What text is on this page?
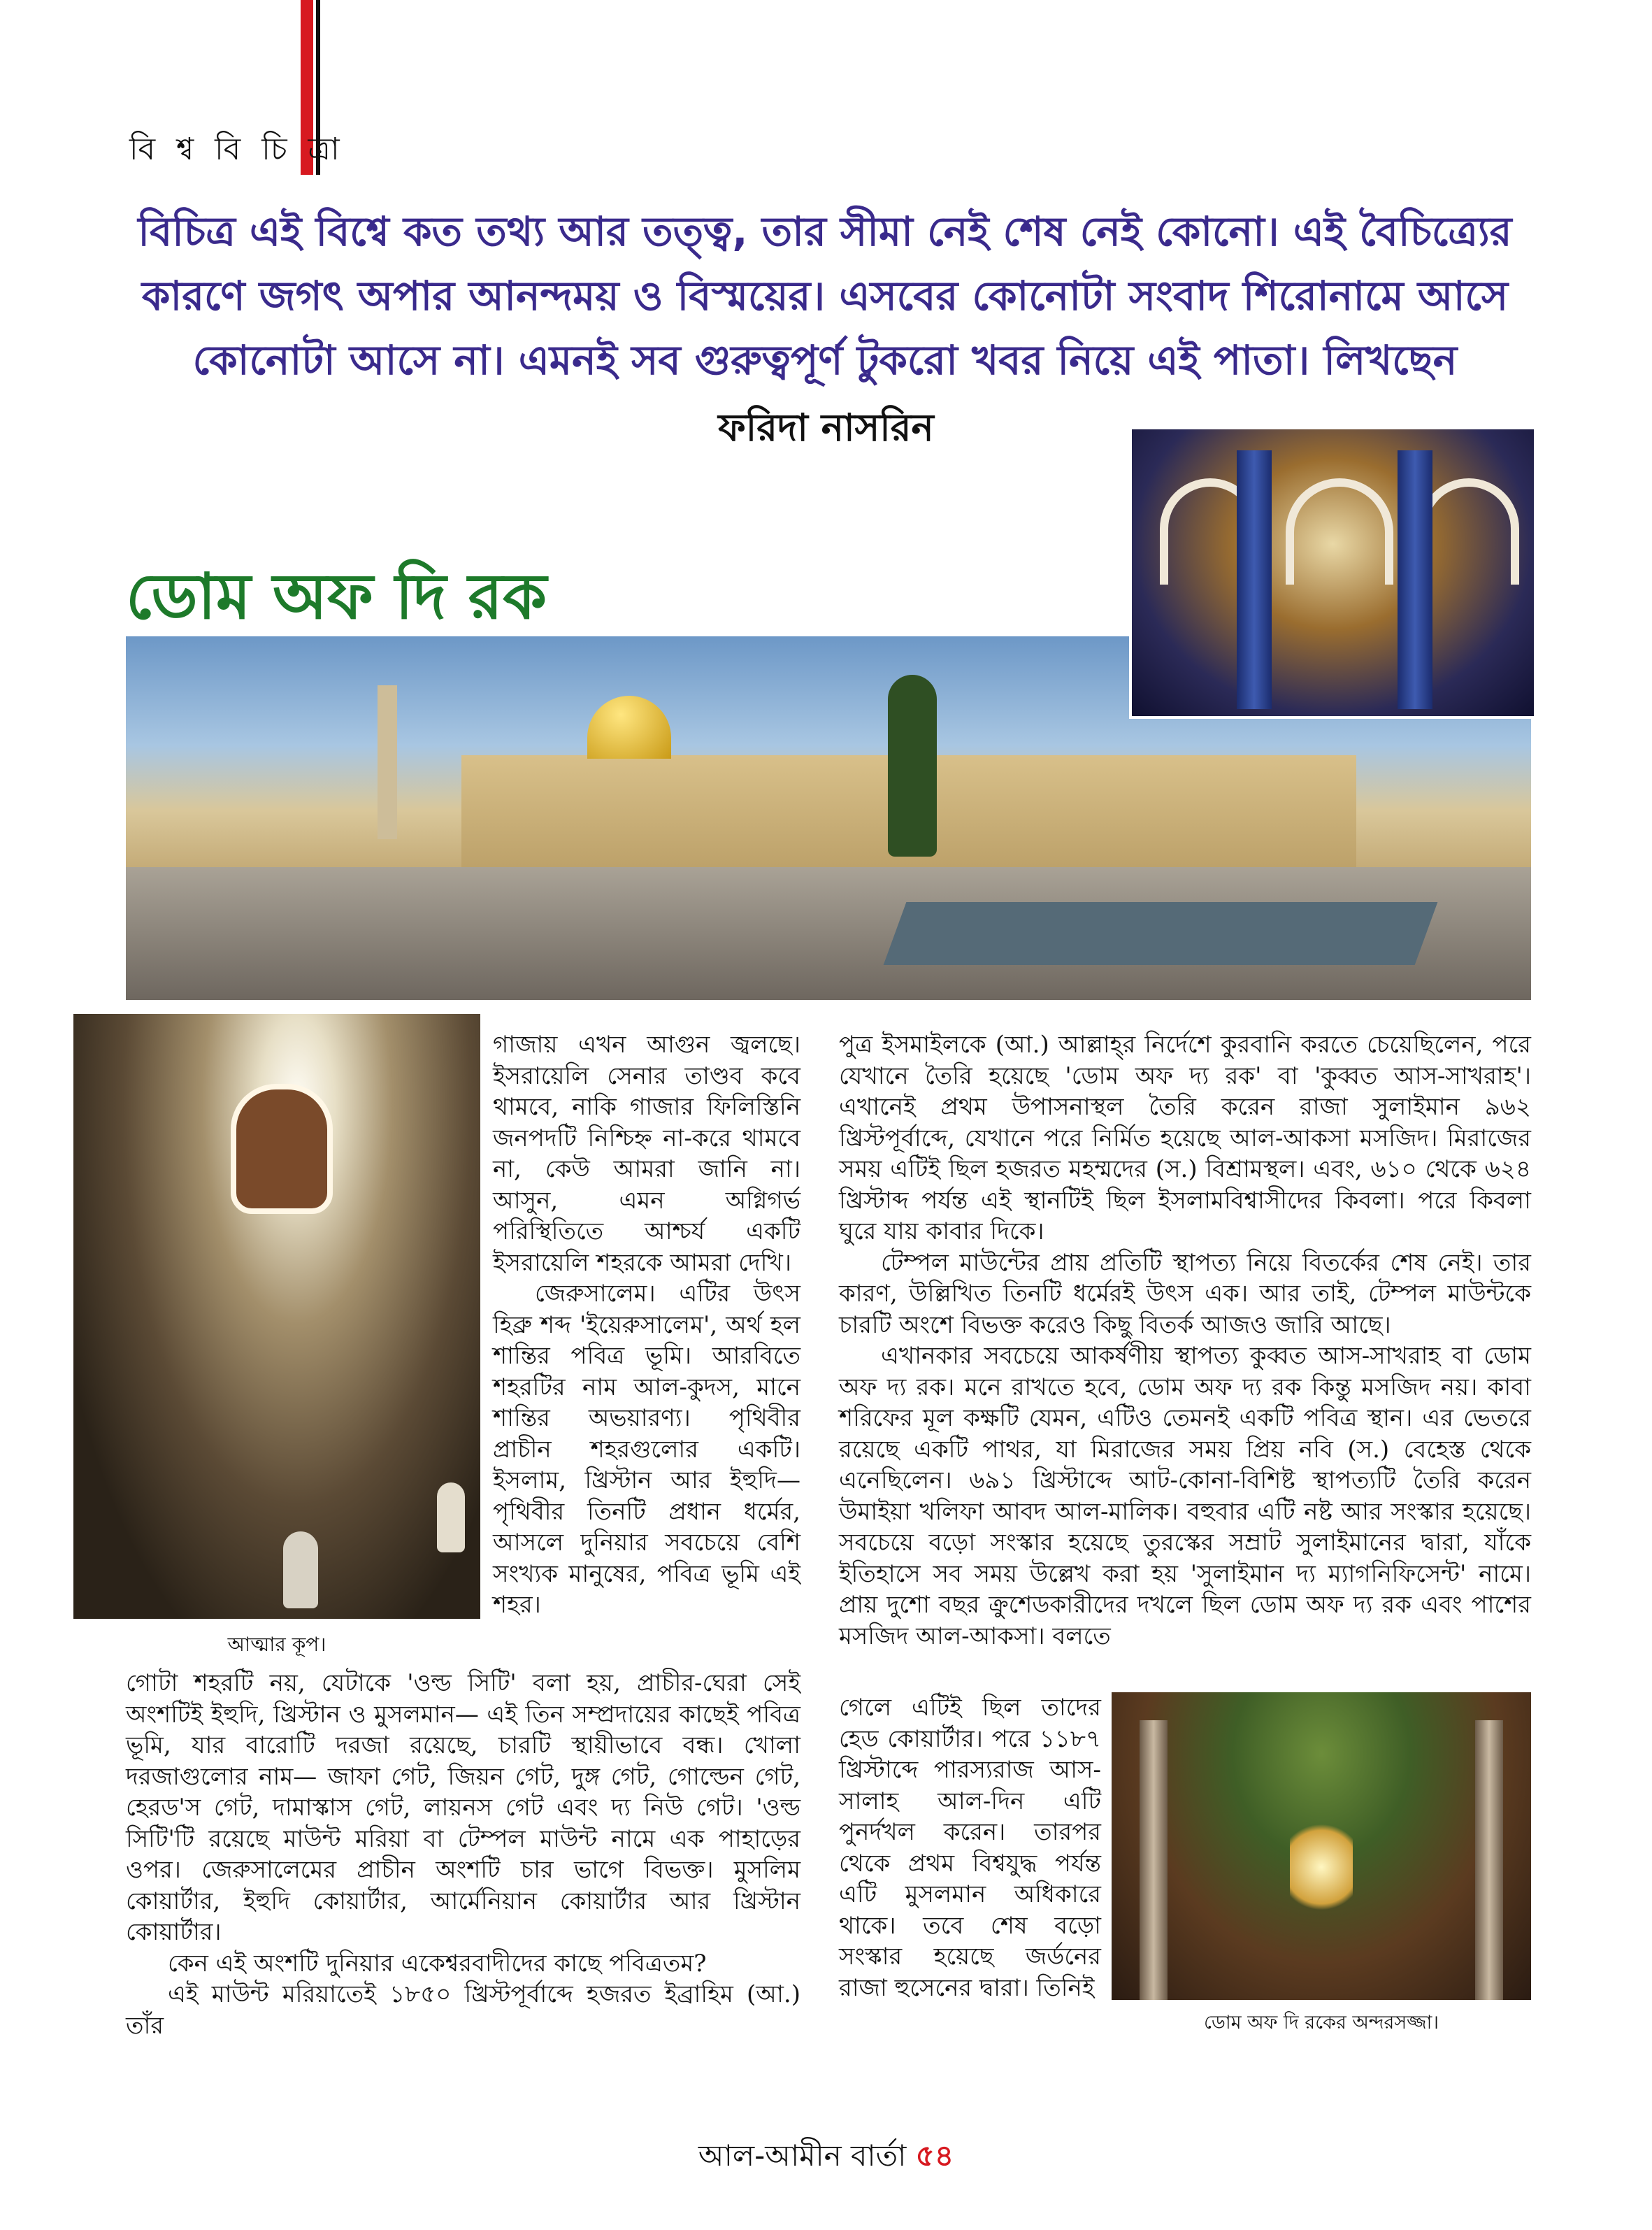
বি শ্ব বি চি ত্রা
বিচিত্র এই বিশ্বে কত তথ্য আর তত্ত্ব, তার সীমা নেই শেষ নেই কোনো। এই বৈচিত্র্যের
কারণে জগৎ অপার আনন্দময় ও বিস্ময়ের। এসবের কোনোটা সংবাদ শিরোনামে আসে
কোনোটা আসে না। এমনই সব গুরুত্বপূর্ণ টুকরো খবর নিয়ে এই পাতা। লিখছেন
ফরিদা নাসরিন
ডোম অফ দি রক
আত্মার কূপ।
ডোম অফ দি রকের অন্দরসজ্জা।

গাজায় এখন আগুন জ্বলছে। ইসরায়েলি সেনার তাণ্ডব কবে থামবে, নাকি গাজার ফিলিস্তিনি জনপদটি নিশ্চিহ্ন না-করে থামবে না, কেউ আমরা জানি না। আসুন, এমন অগ্নিগর্ভ পরিস্থিতিতে আশ্চর্য একটি ইসরায়েলি শহরকে আমরা দেখি।

জেরুসালেম। এটির উৎস হিব্রু শব্দ 'ইয়েরুসালেম', অর্থ হল শান্তির পবিত্র ভূমি। আরবিতে শহরটির নাম আল-কুদস, মানে শান্তির অভয়ারণ্য। পৃথিবীর প্রাচীন শহরগুলোর একটি। ইসলাম, খ্রিস্টান আর ইহুদি— পৃথিবীর তিনটি প্রধান ধর্মের, আসলে দুনিয়ার সবচেয়ে বেশি সংখ্যক মানুষের, পবিত্র ভূমি এই শহর।

পুত্র ইসমাইলকে (আ.) আল্লাহ্‌র নির্দেশে কুরবানি করতে চেয়েছিলেন, পরে যেখানে তৈরি হয়েছে 'ডোম অফ দ্য রক' বা 'কুব্বত আস-সাখরাহ'। এখানেই প্রথম উপাসনাস্থল তৈরি করেন রাজা সুলাইমান ৯৬২ খ্রিস্টপূর্বাব্দে, যেখানে পরে নির্মিত হয়েছে আল-আকসা মসজিদ। মিরাজের সময় এটিই ছিল হজরত মহম্মদের (স.) বিশ্রামস্থল। এবং, ৬১০ থেকে ৬২৪ খ্রিস্টাব্দ পর্যন্ত এই স্থানটিই ছিল ইসলামবিশ্বাসীদের কিবলা। পরে কিবলা ঘুরে যায় কাবার দিকে।

টেম্পল মাউন্টের প্রায় প্রতিটি স্থাপত্য নিয়ে বিতর্কের শেষ নেই। তার কারণ, উল্লিখিত তিনটি ধর্মেরই উৎস এক। আর তাই, টেম্পল মাউন্টকে চারটি অংশে বিভক্ত করেও কিছু বিতর্ক আজও জারি আছে।

এখানকার সবচেয়ে আকর্ষণীয় স্থাপত্য কুব্বত আস-সাখরাহ বা ডোম অফ দ্য রক। মনে রাখতে হবে, ডোম অফ দ্য রক কিন্তু মসজিদ নয়। কাবা শরিফের মূল কক্ষটি যেমন, এটিও তেমনই একটি পবিত্র স্থান। এর ভেতরে রয়েছে একটি পাথর, যা মিরাজের সময় প্রিয় নবি (স.) বেহেস্ত থেকে এনেছিলেন। ৬৯১ খ্রিস্টাব্দে আট-কোনা-বিশিষ্ট স্থাপত্যটি তৈরি করেন উমাইয়া খলিফা আবদ আল-মালিক। বহুবার এটি নষ্ট আর সংস্কার হয়েছে। সবচেয়ে বড়ো সংস্কার হয়েছে তুরস্কের সম্রাট সুলাইমানের দ্বারা, যাঁকে ইতিহাসে সব সময় উল্লেখ করা হয় 'সুলাইমান দ্য ম্যাগনিফিসেন্ট' নামে। প্রায় দুশো বছর ক্রুশেডকারীদের দখলে ছিল ডোম অফ দ্য রক এবং পাশের মসজিদ আল-আকসা। বলতে

গেলে এটিই ছিল তাদের হেড কোয়ার্টার। পরে ১১৮৭ খ্রিস্টাব্দে পারস্যরাজ আস-সালাহ আল-দিন এটি পুনর্দখল করেন। তারপর থেকে প্রথম বিশ্বযুদ্ধ পর্যন্ত এটি মুসলমান অধিকারে থাকে। তবে শেষ বড়ো সংস্কার হয়েছে জর্ডনের রাজা হুসেনের দ্বারা। তিনিই

গোটা শহরটি নয়, যেটাকে 'ওল্ড সিটি' বলা হয়, প্রাচীর-ঘেরা সেই অংশটিই ইহুদি, খ্রিস্টান ও মুসলমান— এই তিন সম্প্রদায়ের কাছেই পবিত্র ভূমি, যার বারোটি দরজা রয়েছে, চারটি স্থায়ীভাবে বন্ধ। খোলা দরজাগুলোর নাম— জাফা গেট, জিয়ন গেট, দুঙ্গ গেট, গোল্ডেন গেট, হেরড'স গেট, দামাস্কাস গেট, লায়নস গেট এবং দ্য নিউ গেট। 'ওল্ড সিটি'টি রয়েছে মাউন্ট মরিয়া বা টেম্পল মাউন্ট নামে এক পাহাড়ের ওপর। জেরুসালেমের প্রাচীন অংশটি চার ভাগে বিভক্ত। মুসলিম কোয়ার্টার, ইহুদি কোয়ার্টার, আর্মেনিয়ান কোয়ার্টার আর খ্রিস্টান কোয়ার্টার।

কেন এই অংশটি দুনিয়ার একেশ্বরবাদীদের কাছে পবিত্রতম?

এই মাউন্ট মরিয়াতেই ১৮৫০ খ্রিস্টপূর্বাব্দে হজরত ইব্রাহিম (আ.) তাঁর

আল-আমীন বার্তা ৫৪
